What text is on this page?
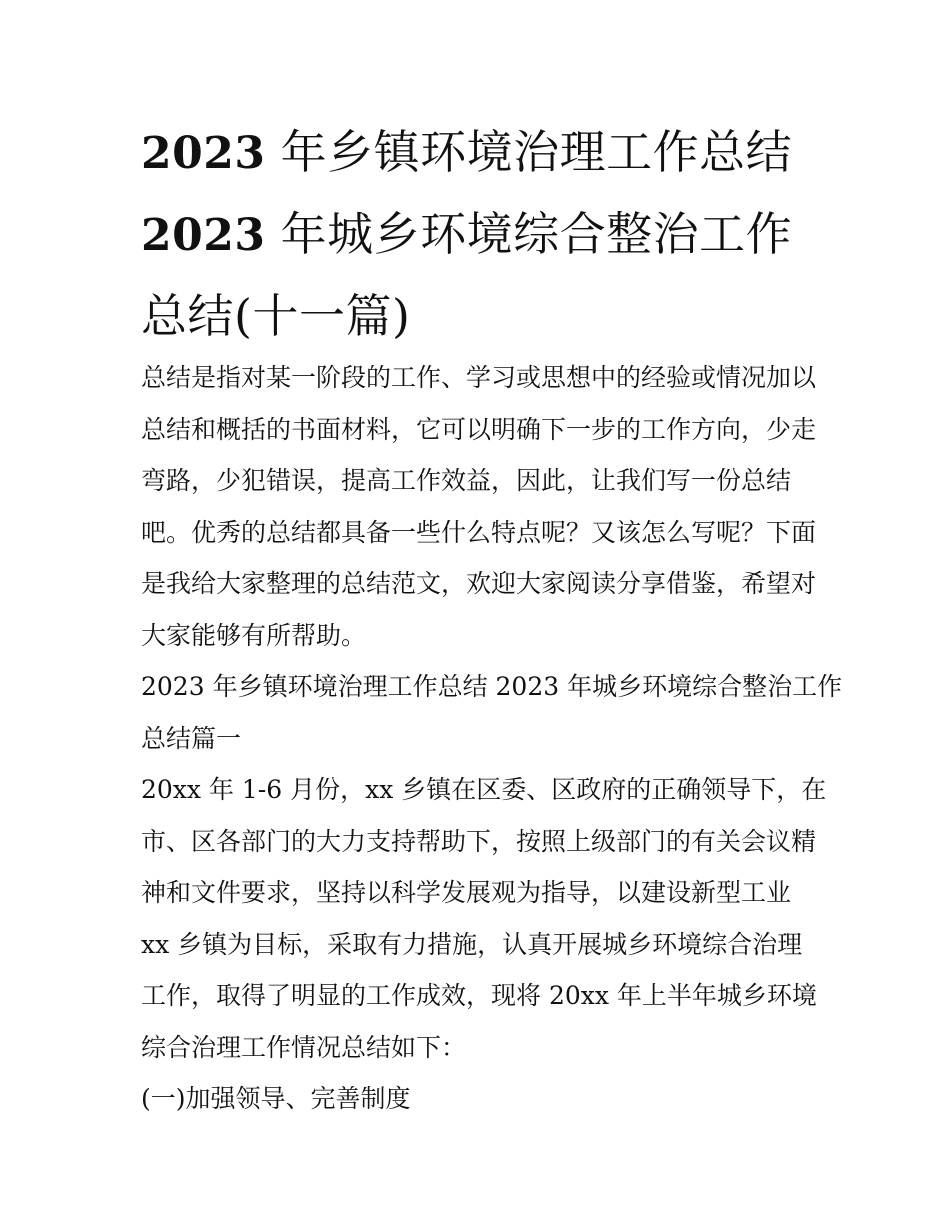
2023 年乡镇环境治理工作总结
2023 年城乡环境综合整治工作
总结(十一篇)
总结是指对某一阶段的工作、学习或思想中的经验或情况加以
总结和概括的书面材料，它可以明确下一步的工作方向，少走
弯路，少犯错误，提高工作效益，因此，让我们写一份总结
吧。优秀的总结都具备一些什么特点呢？又该怎么写呢？下面
是我给大家整理的总结范文，欢迎大家阅读分享借鉴，希望对
大家能够有所帮助。
2023 年乡镇环境治理工作总结 2023 年城乡环境综合整治工作
总结篇一
20xx 年 1-6 月份，xx 乡镇在区委、区政府的正确领导下，在
市、区各部门的大力支持帮助下，按照上级部门的有关会议精
神和文件要求，坚持以科学发展观为指导，以建设新型工业
xx 乡镇为目标，采取有力措施，认真开展城乡环境综合治理
工作，取得了明显的工作成效，现将 20xx 年上半年城乡环境
综合治理工作情况总结如下：
(一)加强领导、完善制度
